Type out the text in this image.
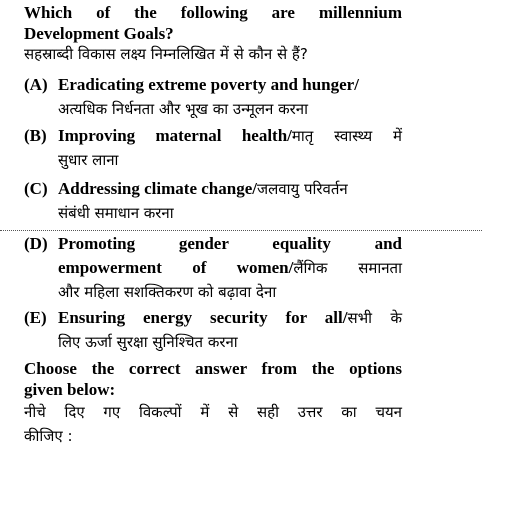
Which of the following are millennium
Development Goals?
सहस्राब्दी विकास लक्ष्य निम्नलिखित में से कौन से हैं?
(A) Eradicating extreme poverty and hunger/
अत्यधिक निर्धनता और भूख का उन्मूलन करना
(B) Improving maternal health/मातृ स्वास्थ्य में
सुधार लाना
(C) Addressing climate change/जलवायु परिवर्तन
संबंधी समाधान करना
(D) Promoting gender equality and
empowerment of women/लैंगिक समानता
और महिला सशक्तिकरण को बढ़ावा देना
(E) Ensuring energy security for all/सभी के
लिए ऊर्जा सुरक्षा सुनिश्चित करना
Choose the correct answer from the options
given below:
नीचे दिए गए विकल्पों में से सही उत्तर का चयन
कीजिए :
